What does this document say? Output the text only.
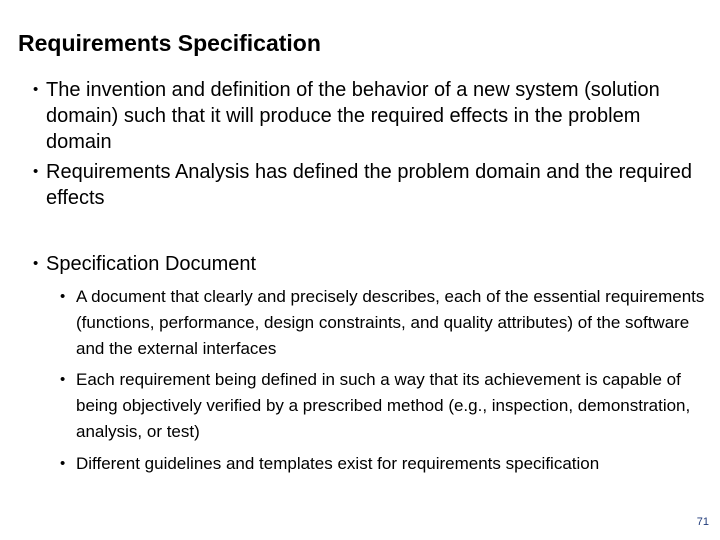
Requirements Specification
• The invention and definition of the behavior of a new system (solution domain) such that it will produce the required effects in the problem domain
• Requirements Analysis has defined the problem domain and the required effects
• Specification Document
• A document that clearly and precisely describes, each of the essential requirements (functions, performance, design constraints, and quality attributes) of the software and the external interfaces
• Each requirement being defined in such a way that its achievement is capable of being objectively verified by a prescribed method (e.g., inspection, demonstration, analysis, or test)
• Different guidelines and templates exist for requirements specification
71
